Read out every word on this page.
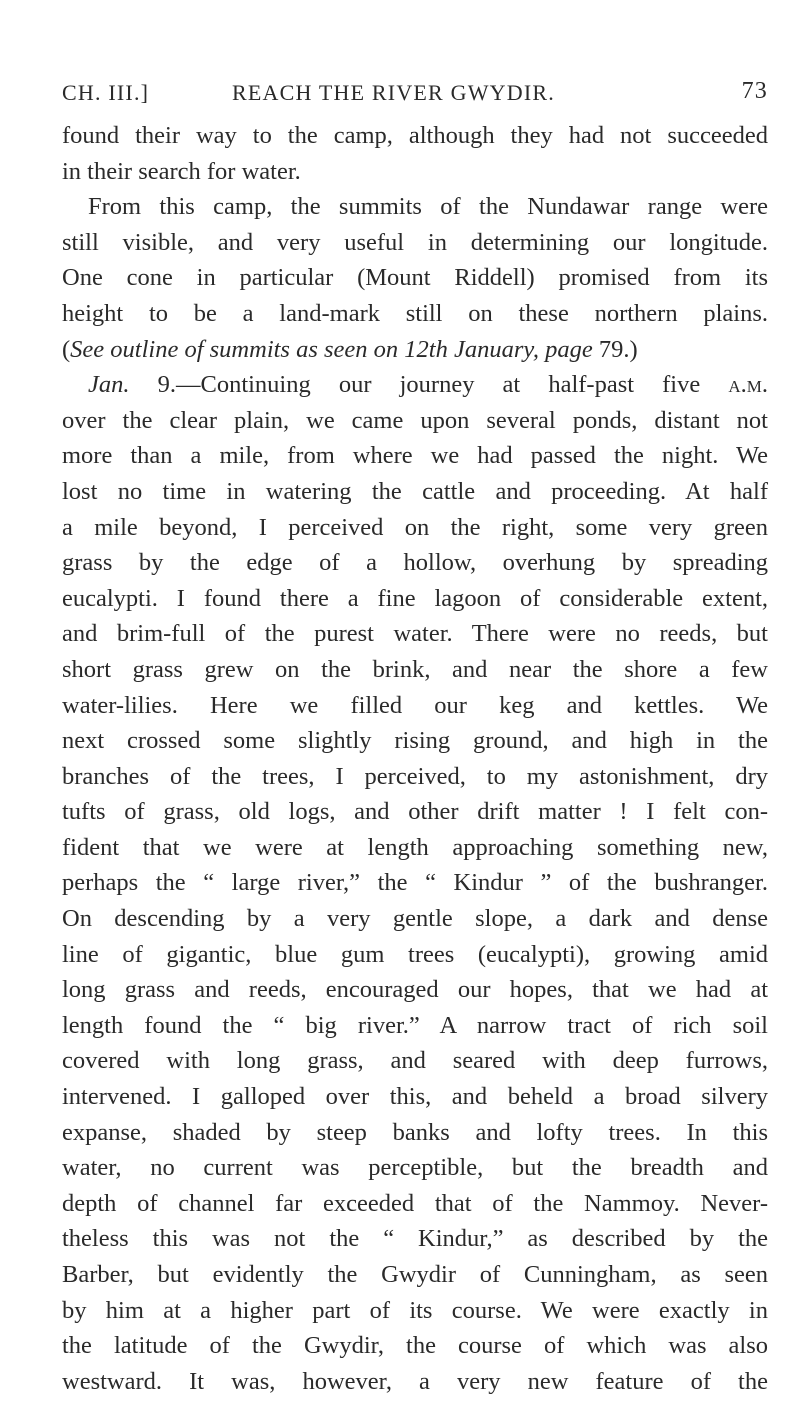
CH. III.]	REACH THE RIVER GWYDIR.	73
found their way to the camp, although they had not succeeded
in their search for water.
From this camp, the summits of the Nundawar range were
still visible, and very useful in determining our longitude.
One cone in particular (Mount Riddell) promised from its
height to be a land-mark still on these northern plains.
(See outline of summits as seen on 12th January, page 79.)
Jan. 9.—Continuing our journey at half-past five a.m.
over the clear plain, we came upon several ponds, distant not
more than a mile, from where we had passed the night. We
lost no time in watering the cattle and proceeding. At half
a mile beyond, I perceived on the right, some very green
grass by the edge of a hollow, overhung by spreading
eucalypti. I found there a fine lagoon of considerable extent,
and brim-full of the purest water. There were no reeds, but
short grass grew on the brink, and near the shore a few
water-lilies. Here we filled our keg and kettles. We
next crossed some slightly rising ground, and high in the
branches of the trees, I perceived, to my astonishment, dry
tufts of grass, old logs, and other drift matter ! I felt con-
fident that we were at length approaching something new,
perhaps the “ large river,” the “ Kindur ” of the bushranger.
On descending by a very gentle slope, a dark and dense
line of gigantic, blue gum trees (eucalypti), growing amid
long grass and reeds, encouraged our hopes, that we had at
length found the “ big river.” A narrow tract of rich soil
covered with long grass, and seared with deep furrows,
intervened. I galloped over this, and beheld a broad silvery
expanse, shaded by steep banks and lofty trees. In this
water, no current was perceptible, but the breadth and
depth of channel far exceeded that of the Nammoy. Never-
theless this was not the “ Kindur,” as described by the
Barber, but evidently the Gwydir of Cunningham, as seen
by him at a higher part of its course. We were exactly in
the latitude of the Gwydir, the course of which was also
westward. It was, however, a very new feature of the
